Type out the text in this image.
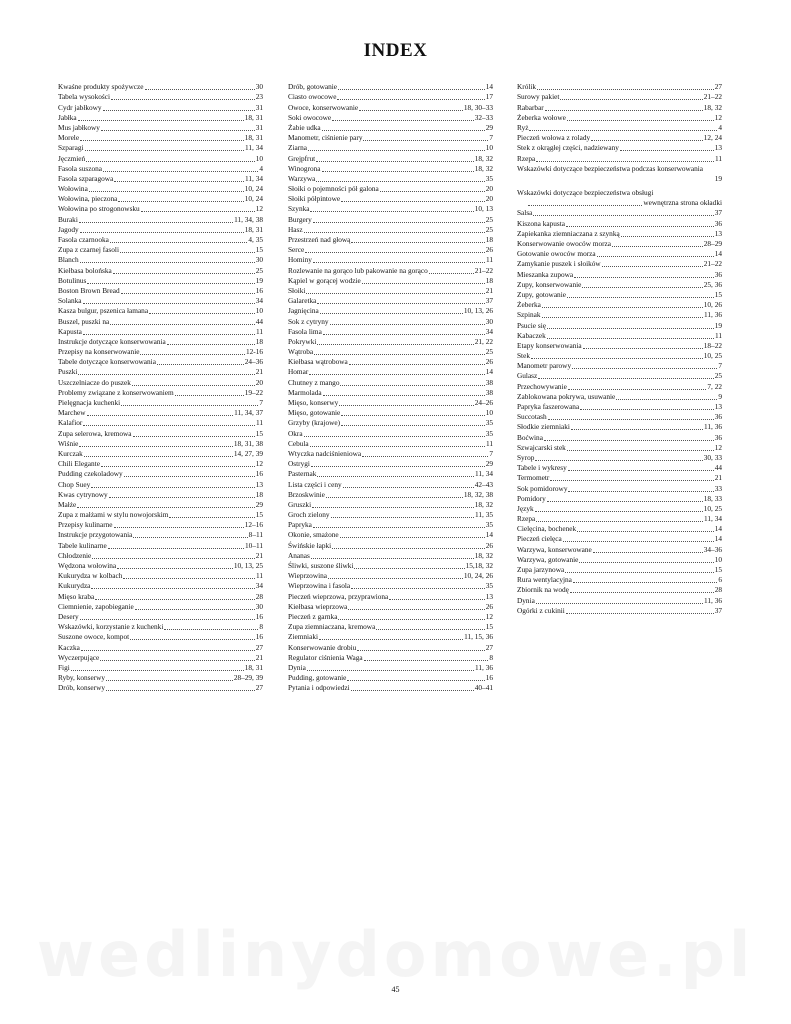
INDEX
Kwaśne produkty spożywcze	30
Tabela wysokości	23
Cydr jabłkowy	31
Jabłka	18, 31
Mus jabłkowy	31
Morele	18, 31
Szparagi	11, 34
Jęczmień	10
Fasola suszona	4
Fasola szparagowa	11, 34
Wołowina	10, 24
Wołowina, pieczona	10, 24
Wołowina po strogonowsku	12
Buraki	11, 34, 38
Jagody	18, 31
Fasola czarnooka	4, 35
Zupa z czarnej fasoli	15
Blanch	30
Kiełbasa bolońska	25
Botulinus	19
Boston Brown Bread	16
Solanka	34
Kasza bulgur, pszenica łamana	10
Buszel, puszki na	44
Kapusta	11
Instrukcje dotyczące konserwowania	18
Przepisy na konserwowanie	12-16
Tabele dotyczące konserwowania	24–36
Puszki	21
Uszczelniacze do puszek	20
Problemy związane z konserwowaniem	19–22
Pielęgnacja kuchenki	7
Marchew	11, 34, 37
Kalafior	11
Zupa selerowa, kremowa	15
Wiśnie	18, 31, 38
Kurczak	14, 27, 39
Chili Elegante	12
Pudding czekoladowy	16
Chop Suey	13
Kwas cytrynowy	18
Małże	29
Zupa z małżami w stylu nowojorskim	15
Przepisy kulinarne	12–16
Instrukcje przygotowania	8–11
Tabele kulinarne	10–11
Chłodzenie	21
Wędzona wołowina	10, 13, 25
Kukurydza w kolbach	11
Kukurydza	34
Mięso kraba	28
Ciemnienie, zapobieganie	30
Desery	16
Wskazówki, korzystanie z kuchenki	8
Suszone owoce, kompot	16
Kaczka	27
Wyczerpujące	21
Figi	18, 31
Ryby, konserwy	28–29, 39
Drób, konserwy	27
Drób, gotowanie	14
Ciasto owocowe	17
Owoce, konserwowanie	18, 30–33
Soki owocowe	32–33
Żabie udka	29
Manometr, ciśnienie pary	7
Ziarna	10
Grejpfrut	18, 32
Winogrona	18, 32
Warzywa	35
Słoiki o pojemności pół galona	20
Słoiki półpintowe	20
Szynka	10, 13
Burgery	25
Hasz	25
Przestrzeń nad głową	18
Serce	26
Hominy	11
Rozlewanie na gorąco lub pakowanie na gorąco	21–22
Kąpiel w gorącej wodzie	18
Słoiki	21
Galaretka	37
Jagnięcina	10, 13, 26
Sok z cytryny	30
Fasola lima	34
Pokrywki	21, 22
Wątroba	25
Kiełbasa wątrobowa	26
Homar	14
Chutney z mango	38
Marmolada	38
Mięso, konserwy	24–26
Mięso, gotowanie	10
Grzyby (krajowe)	35
Okra	35
Cebula	11
Wtyczka nadciśnieniowa	7
Ostrygi	29
Pasternak	11, 34
Lista części i ceny	42–43
Brzoskwinie	18, 32, 38
Gruszki	18, 32
Groch zielony	11, 35
Papryka	35
Okonie, smażone	14
Świńskie łapki	26
Ananas	18, 32
Śliwki, suszone śliwki	15,18, 32
Wieprzowina	10, 24, 26
Wieprzowina i fasola	35
Pieczeń wieprzowa, przyprawiona	13
Kiełbasa wieprzowa	26
Pieczeń z garnka	12
Zupa ziemniaczana, kremowa	15
Ziemniaki	11, 15, 36
Konserwowanie drobiu	27
Regulator ciśnienia Waga	8
Dynia	11, 36
Pudding, gotowanie	16
Pytania i odpowiedzi	40–41
Królik	27
Surowy pakiet	21–22
Rabarbar	18, 32
Żeberka wołowe	12
Ryż	4
Pieczeń wołowa z rolady	12, 24
Stek z okrągłej części, nadziewany	13
Rzepa	11
Wskazówki dotyczące bezpieczeństwa podczas konserwowania
19
Wskazówki dotyczące bezpieczeństwa obsługi
wewnętrzna strona okładki
Salsa	37
Kiszona kapusta	36
Zapiekanka ziemniaczana z szynką	13
Konserwowanie owoców morza	28–29
Gotowanie owoców morza	14
Zamykanie puszek i słoików	21–22
Mieszanka zupowa	36
Zupy, konserwowanie	25, 36
Zupy, gotowanie	15
Żeberka	10, 26
Szpinak	11, 36
Psucie się	19
Kabaczek	11
Etapy konserwowania	18–22
Stek	10, 25
Manometr parowy	7
Gulasz	25
Przechowywanie	7, 22
Zablokowana pokrywa, usuwanie	9
Papryka faszerowana	13
Succotash	36
Słodkie ziemniaki	11, 36
Boćwina	36
Szwajcarski stek	12
Syrop	30, 33
Tabele i wykresy	44
Termometr	21
Sok pomidorowy	33
Pomidory	18, 33
Język	10, 25
Rzepa	11, 34
Cielęcina, bochenek	14
Pieczeń cielęca	14
Warzywa, konserwowane	34–36
Warzywa, gotowanie	10
Zupa jarzynowa	15
Rura wentylacyjna	6
Zbiornik na wodę	28
Dynia	11, 36
Ogórki z cukinii	37
45
